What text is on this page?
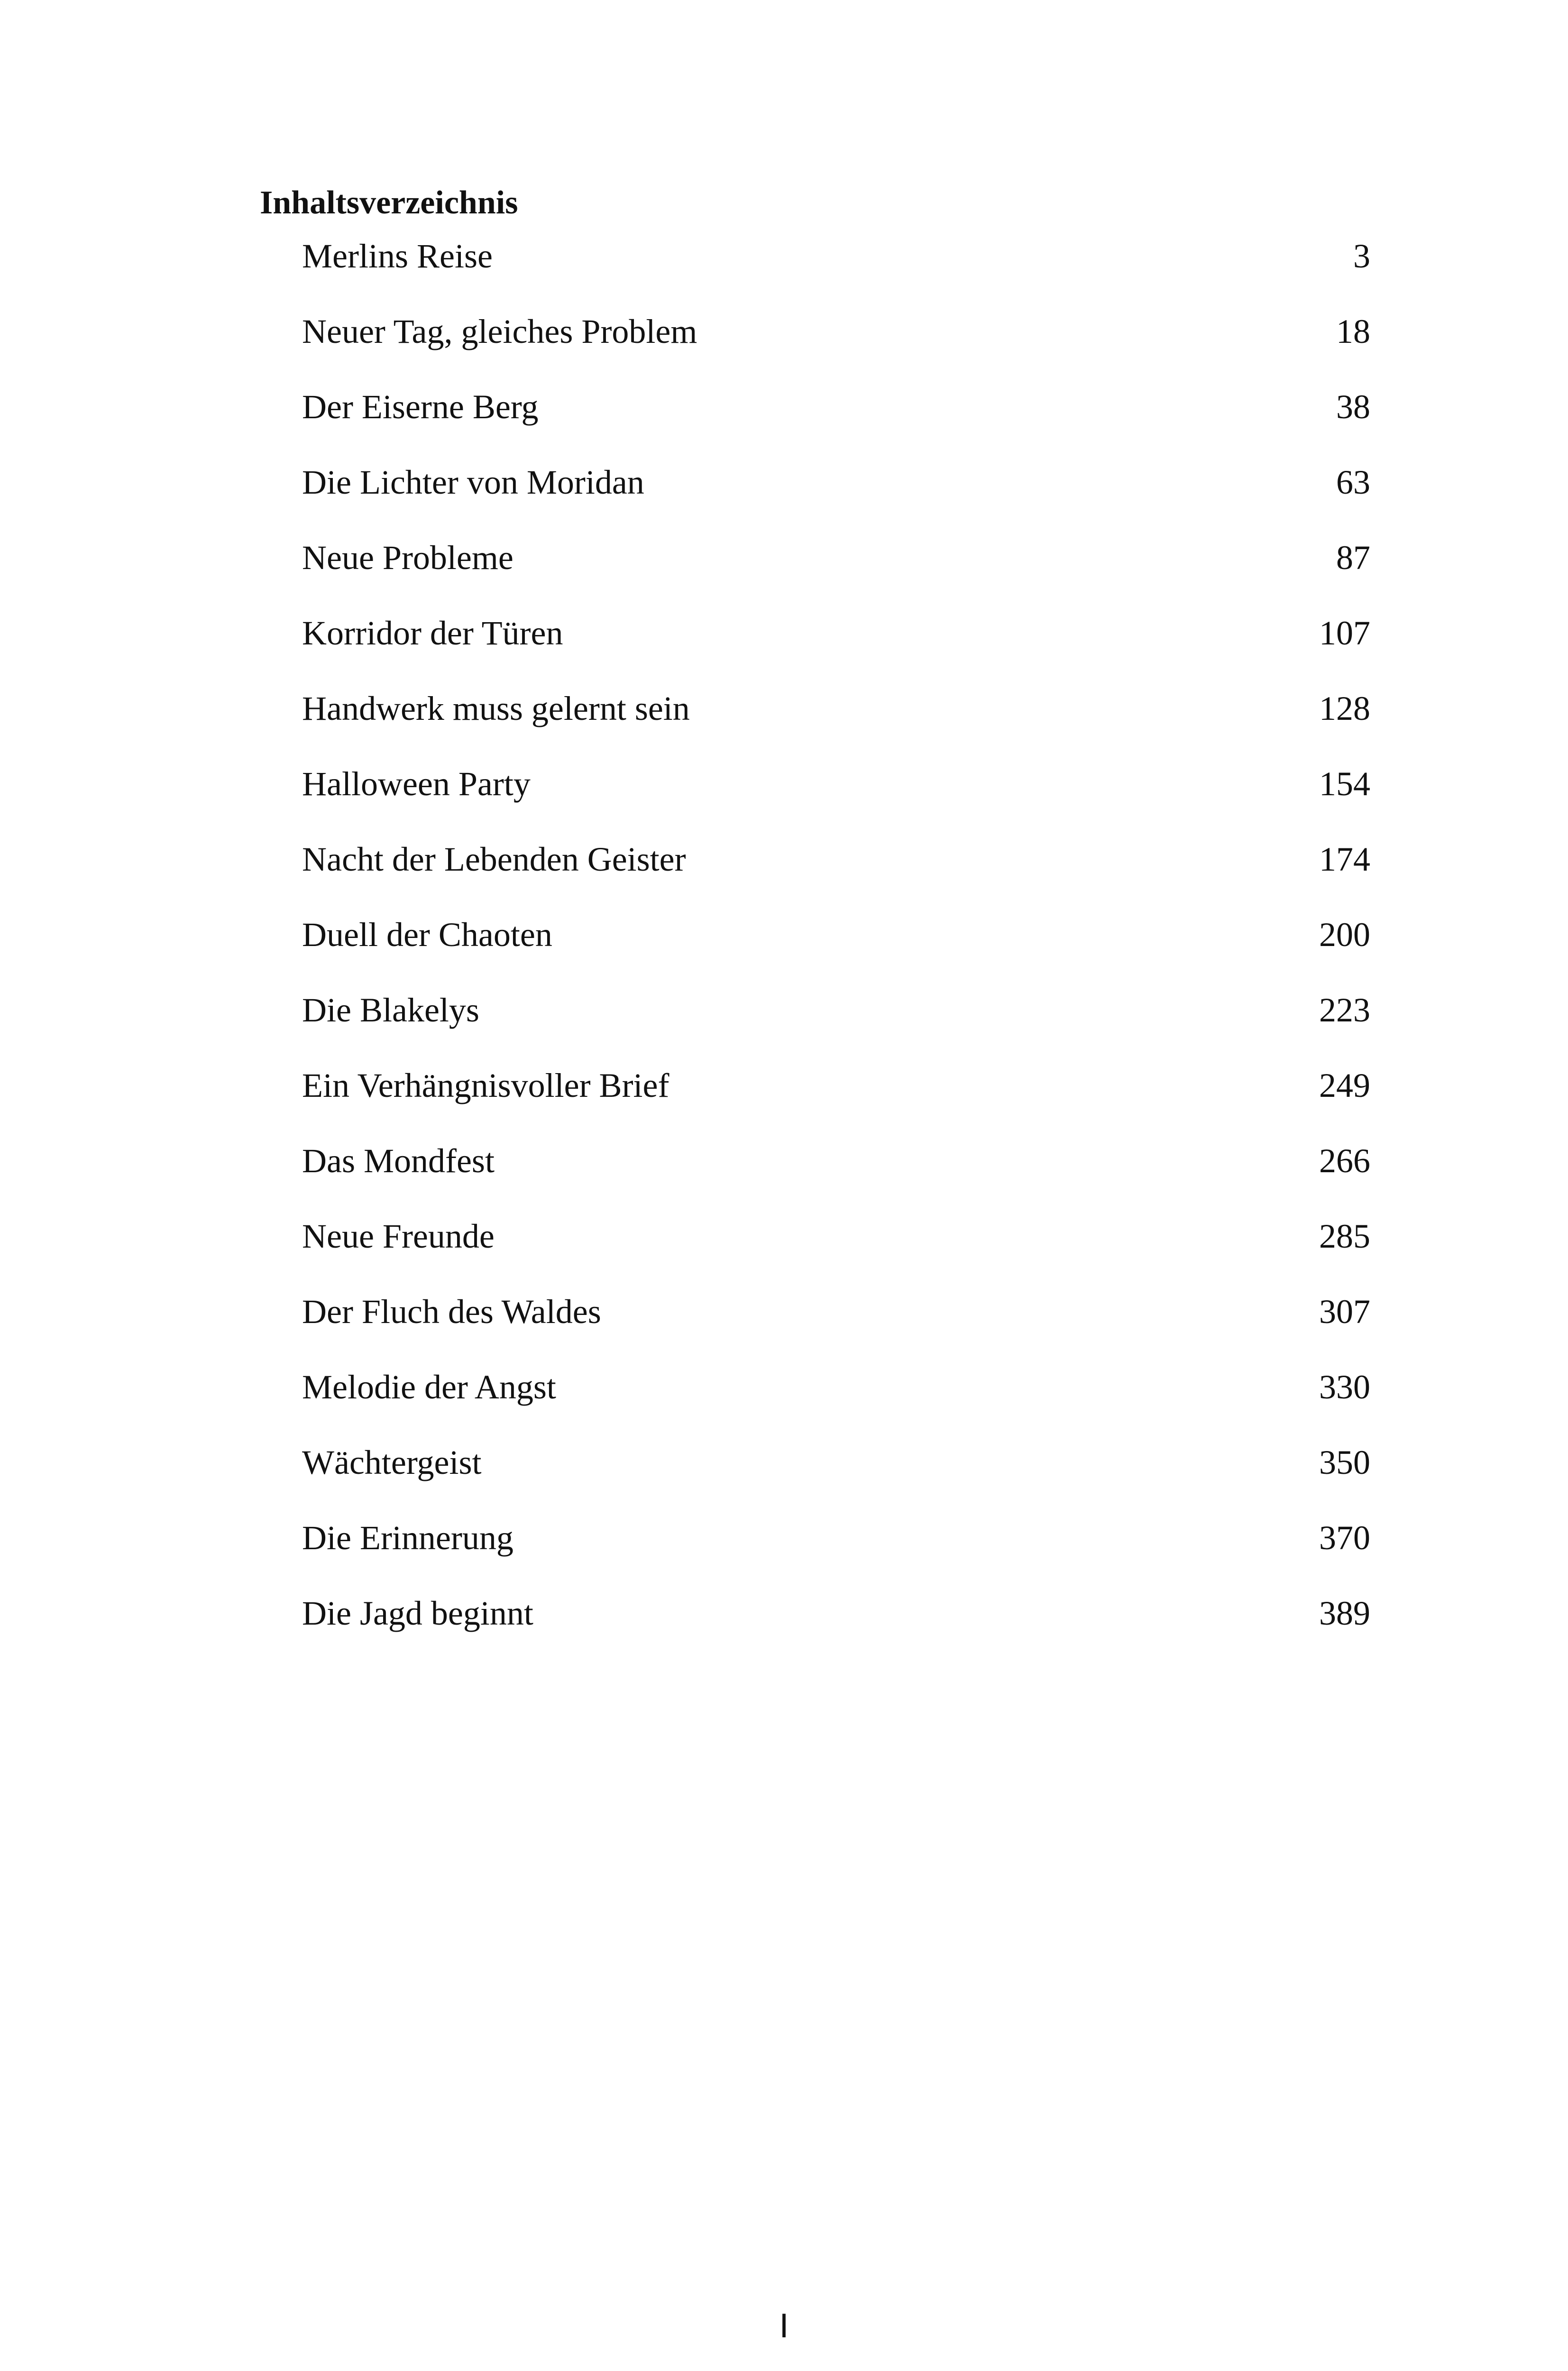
Inhaltsverzeichnis
Merlins Reise	3
Neuer Tag, gleiches Problem	18
Der Eiserne Berg	38
Die Lichter von Moridan	63
Neue Probleme	87
Korridor der Türen	107
Handwerk muss gelernt sein	128
Halloween Party	154
Nacht der Lebenden Geister	174
Duell der Chaoten	200
Die Blakelys	223
Ein Verhängnisvoller Brief	249
Das Mondfest	266
Neue Freunde	285
Der Fluch des Waldes	307
Melodie der Angst	330
Wächtergeist	350
Die Erinnerung	370
Die Jagd beginnt	389
I
